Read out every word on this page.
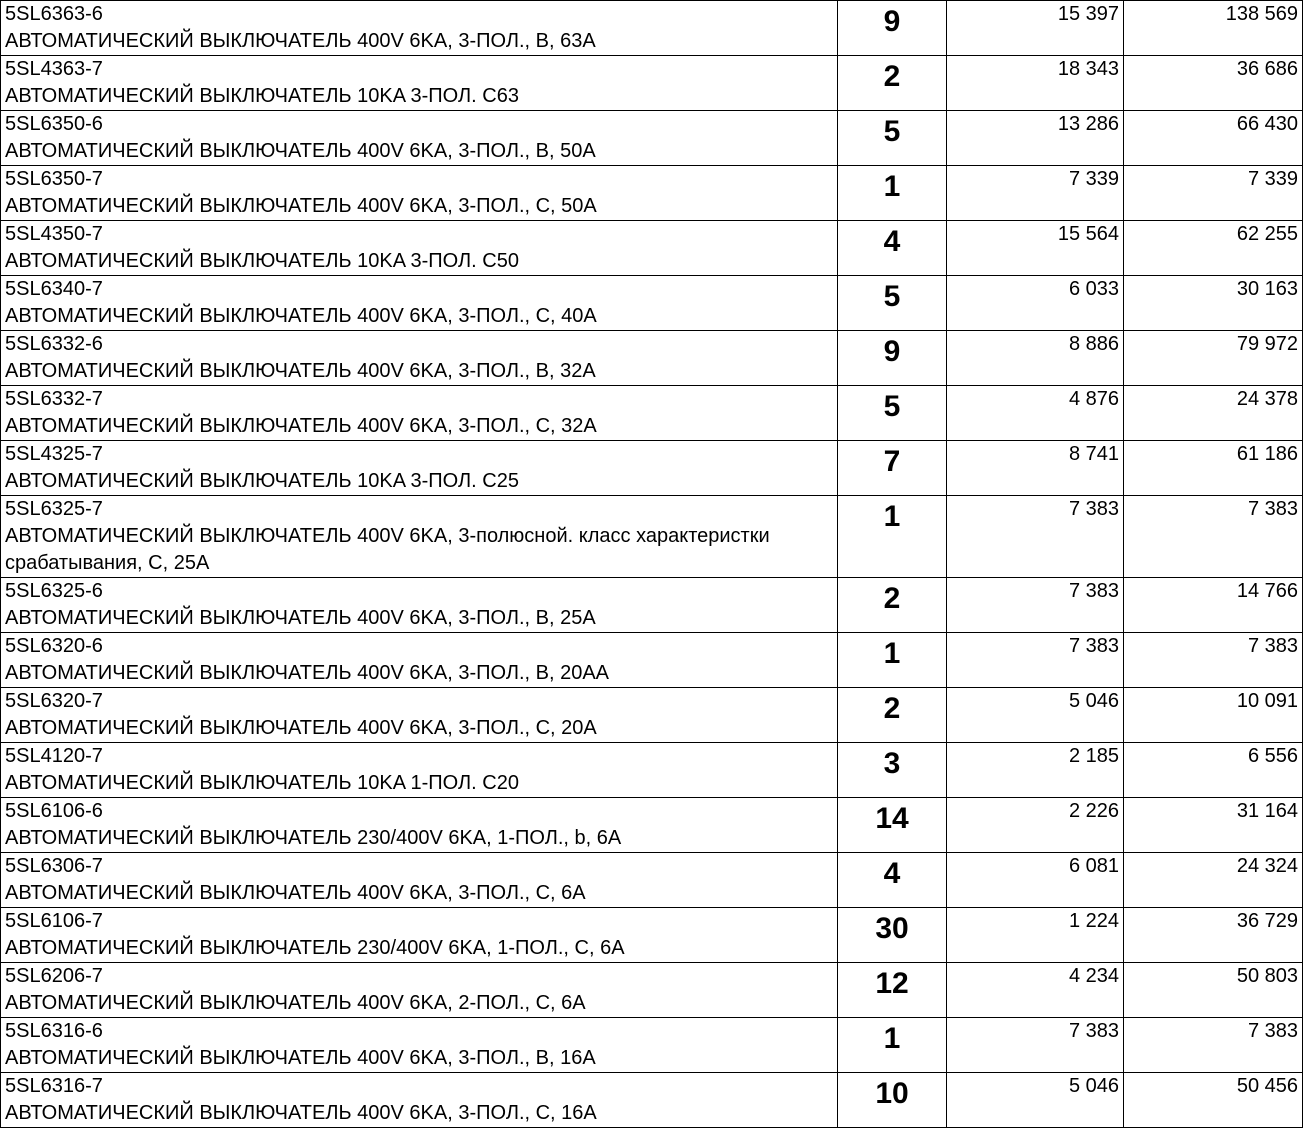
5SL6363-6
АВТОМАТИЧЕСКИЙ ВЫКЛЮЧАТЕЛЬ 400V 6KA, 3-ПОЛ., B, 63A	9	15 397	138 569

5SL4363-7
АВТОМАТИЧЕСКИЙ ВЫКЛЮЧАТЕЛЬ 10KA 3-ПОЛ. C63	2	18 343	36 686

5SL6350-6
АВТОМАТИЧЕСКИЙ ВЫКЛЮЧАТЕЛЬ 400V 6KA, 3-ПОЛ., B, 50A	5	13 286	66 430

5SL6350-7
АВТОМАТИЧЕСКИЙ ВЫКЛЮЧАТЕЛЬ 400V 6KA, 3-ПОЛ., C, 50A	1	7 339	7 339

5SL4350-7
АВТОМАТИЧЕСКИЙ ВЫКЛЮЧАТЕЛЬ 10KA 3-ПОЛ. C50	4	15 564	62 255

5SL6340-7
АВТОМАТИЧЕСКИЙ ВЫКЛЮЧАТЕЛЬ 400V 6KA, 3-ПОЛ., C, 40A	5	6 033	30 163

5SL6332-6
АВТОМАТИЧЕСКИЙ ВЫКЛЮЧАТЕЛЬ 400V 6KA, 3-ПОЛ., B, 32A	9	8 886	79 972

5SL6332-7
АВТОМАТИЧЕСКИЙ ВЫКЛЮЧАТЕЛЬ 400V 6KA, 3-ПОЛ., C, 32A	5	4 876	24 378

5SL4325-7
АВТОМАТИЧЕСКИЙ ВЫКЛЮЧАТЕЛЬ 10KA 3-ПОЛ. C25	7	8 741	61 186

5SL6325-7
АВТОМАТИЧЕСКИЙ ВЫКЛЮЧАТЕЛЬ 400V 6KA, 3-полюсной. класс характеристки срабатывания, C, 25A	1	7 383	7 383

5SL6325-6
АВТОМАТИЧЕСКИЙ ВЫКЛЮЧАТЕЛЬ 400V 6KA, 3-ПОЛ., B, 25A	2	7 383	14 766

5SL6320-6
АВТОМАТИЧЕСКИЙ ВЫКЛЮЧАТЕЛЬ 400V 6KA, 3-ПОЛ., B, 20AA	1	7 383	7 383

5SL6320-7
АВТОМАТИЧЕСКИЙ ВЫКЛЮЧАТЕЛЬ 400V 6KA, 3-ПОЛ., C, 20A	2	5 046	10 091

5SL4120-7
АВТОМАТИЧЕСКИЙ ВЫКЛЮЧАТЕЛЬ 10KA 1-ПОЛ. C20	3	2 185	6 556

5SL6106-6
АВТОМАТИЧЕСКИЙ ВЫКЛЮЧАТЕЛЬ 230/400V 6KA, 1-ПОЛ., b, 6A	14	2 226	31 164

5SL6306-7
АВТОМАТИЧЕСКИЙ ВЫКЛЮЧАТЕЛЬ 400V 6KA, 3-ПОЛ., C, 6A	4	6 081	24 324

5SL6106-7
АВТОМАТИЧЕСКИЙ ВЫКЛЮЧАТЕЛЬ 230/400V 6KA, 1-ПОЛ., C, 6A	30	1 224	36 729

5SL6206-7
АВТОМАТИЧЕСКИЙ ВЫКЛЮЧАТЕЛЬ 400V 6KA, 2-ПОЛ., C, 6A	12	4 234	50 803

5SL6316-6
АВТОМАТИЧЕСКИЙ ВЫКЛЮЧАТЕЛЬ 400V 6KA, 3-ПОЛ., B, 16A	1	7 383	7 383

5SL6316-7
АВТОМАТИЧЕСКИЙ ВЫКЛЮЧАТЕЛЬ 400V 6KA, 3-ПОЛ., C, 16A	10	5 046	50 456
